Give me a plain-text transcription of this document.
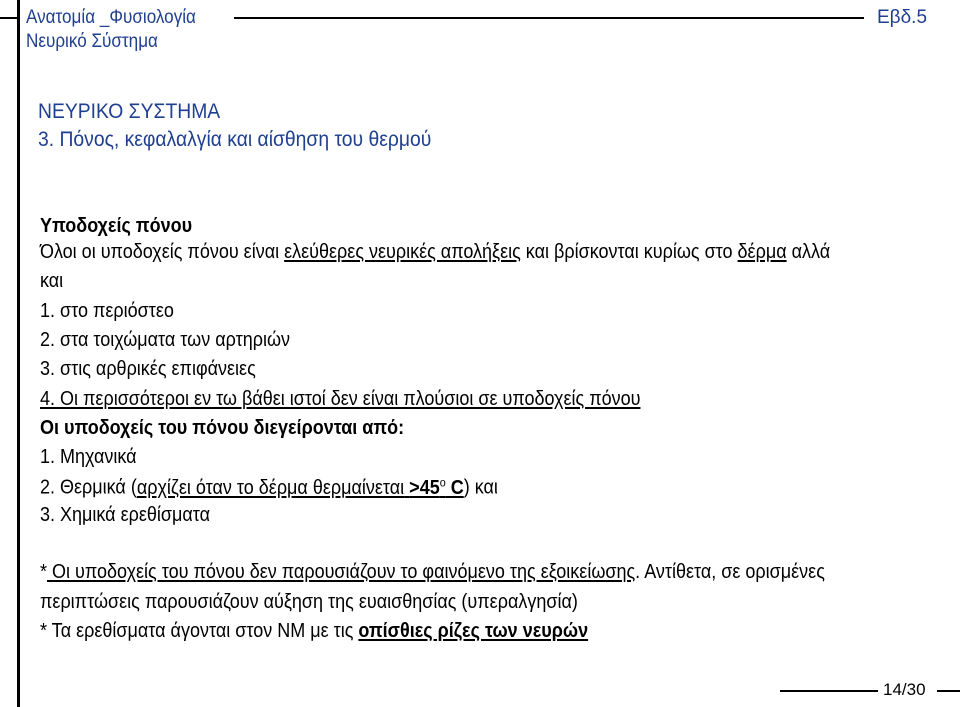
Ανατομία _Φυσιολογία
Νευρικό Σύστημα
Εβδ.5
ΝΕΥΡΙΚΟ ΣΥΣΤΗΜΑ
3. Πόνος, κεφαλαλγία και αίσθηση του θερμού
Υποδοχείς πόνου
Όλοι οι υποδοχείς πόνου είναι ελεύθερες νευρικές απολήξεις και βρίσκονται κυρίως στο δέρμα αλλά
και
1. στο περιόστεο
2. στα τοιχώματα των αρτηριών
3. στις αρθρικές επιφάνειες
4. Οι περισσότεροι εν τω βάθει ιστοί δεν είναι πλούσιοι σε υποδοχείς πόνου
Οι υποδοχείς του πόνου διεγείρονται από:
1. Μηχανικά
2. Θερμικά (αρχίζει όταν το δέρμα $\theta\varepsilon\rho\mu\alpha ί\nu\varepsilon\tau\alpha\iota >45^o$ C) και
3. Χημικά ερεθίσματα
* Οι υποδοχείς του πόνου δεν παρουσιάζουν το φαινόμενο της εξοικείωσης. Αντίθετα, σε ορισμένες
περιπτώσεις παρουσιάζουν αύξηση της ευαισθησίας (υπεραλγησία)
* Τα ερεθίσματα άγονται στον ΝΜ με τις οπίσθιες ρίζες των νευρών
14/30
